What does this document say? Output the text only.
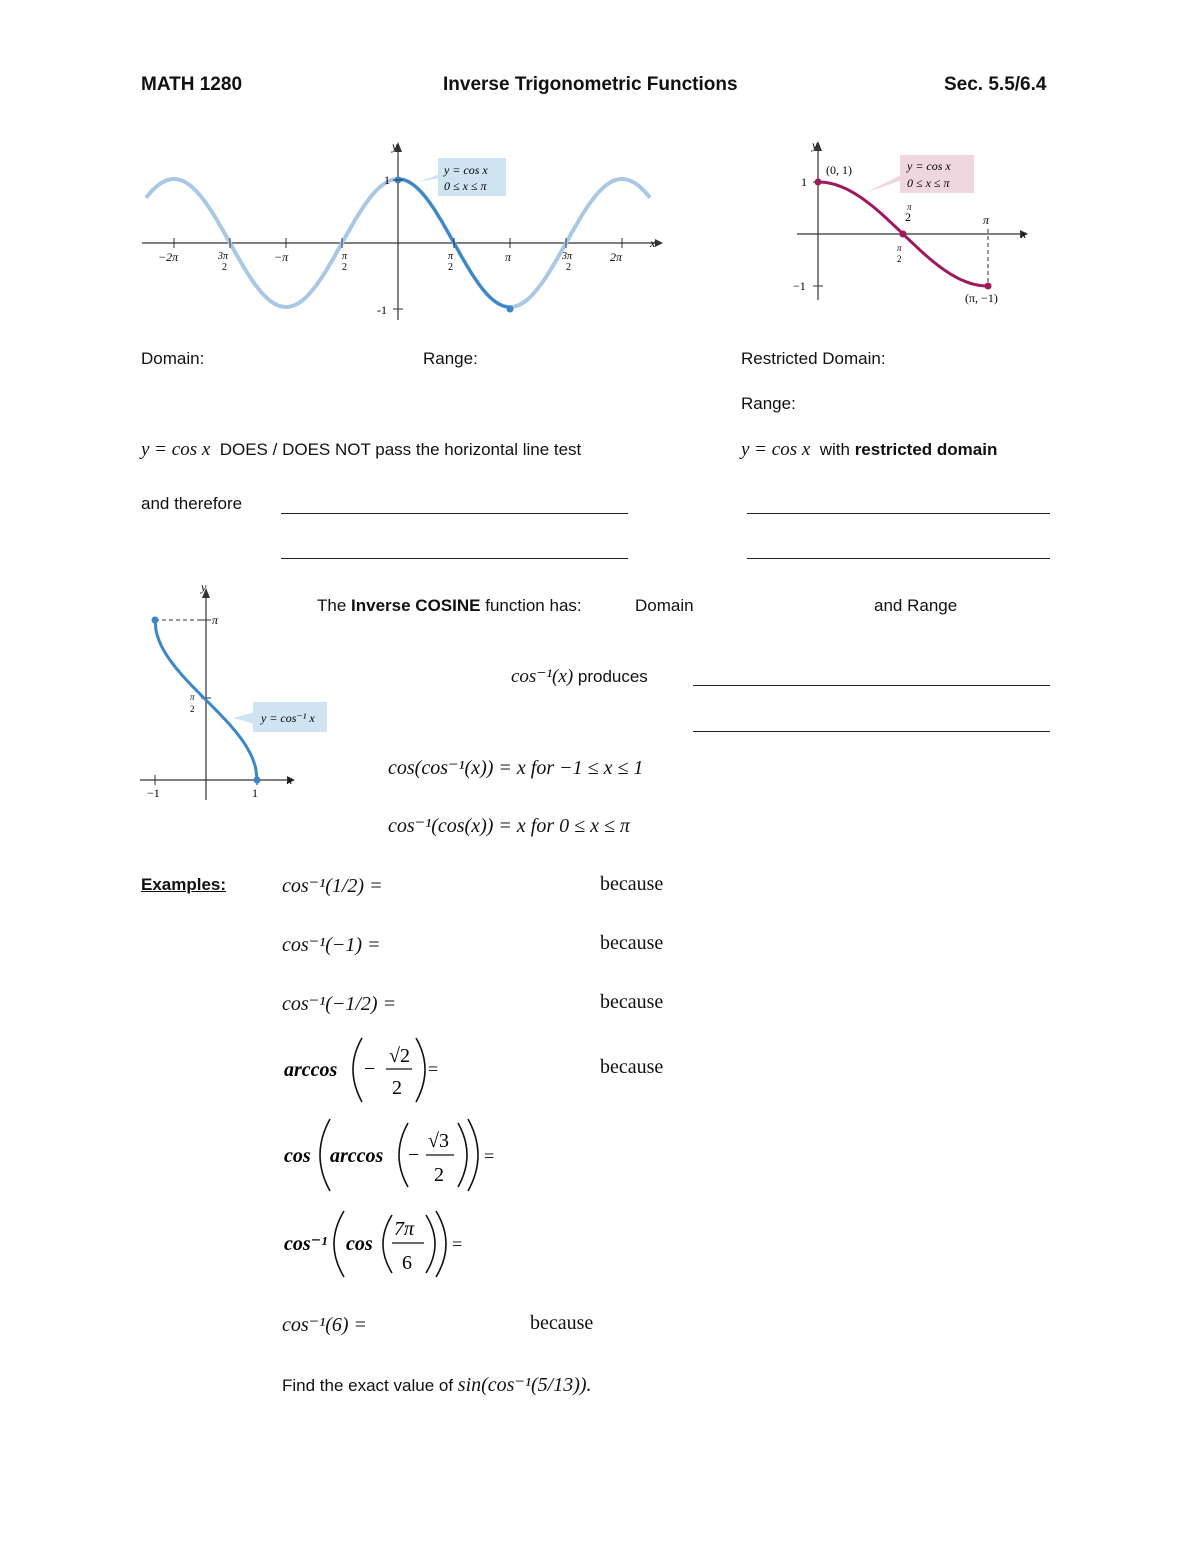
MATH 1280	Inverse Trigonometric Functions	Sec. 5.5/6.4
y
x
1
-1
−2π	3π
2
−π	π
2
π
2
π	3π
2
2π
y = cos x
0 ≤ x ≤ π
y
x
1
−1
(0, 1)
2
π
π
π
2
(π, −1)
y = cos x
0 ≤ x ≤ π
Domain:	Range:	Restricted Domain:
Range:
y = cos x DOES / DOES NOT pass the horizontal line test	y = cos x with restricted domain
and therefore
y
x
π
π
2
−1	1
y = cos⁻¹ x
The Inverse COSINE function has:	Domain	and Range
cos⁻¹(x) produces
cos(cos⁻¹(x)) = x for −1 ≤ x ≤ 1
cos⁻¹(cos(x)) = x for 0 ≤ x ≤ π
Examples:	cos⁻¹(1/2) =	because
cos⁻¹(−1) =	because
cos⁻¹(−1/2) =	because
arccos −
√2
2
=	because
cos arccos −
√3
2
=
cos⁻¹ cos
7π
6
=
cos⁻¹(6) =	because
Find the exact value of sin(cos⁻¹(5/13)).
